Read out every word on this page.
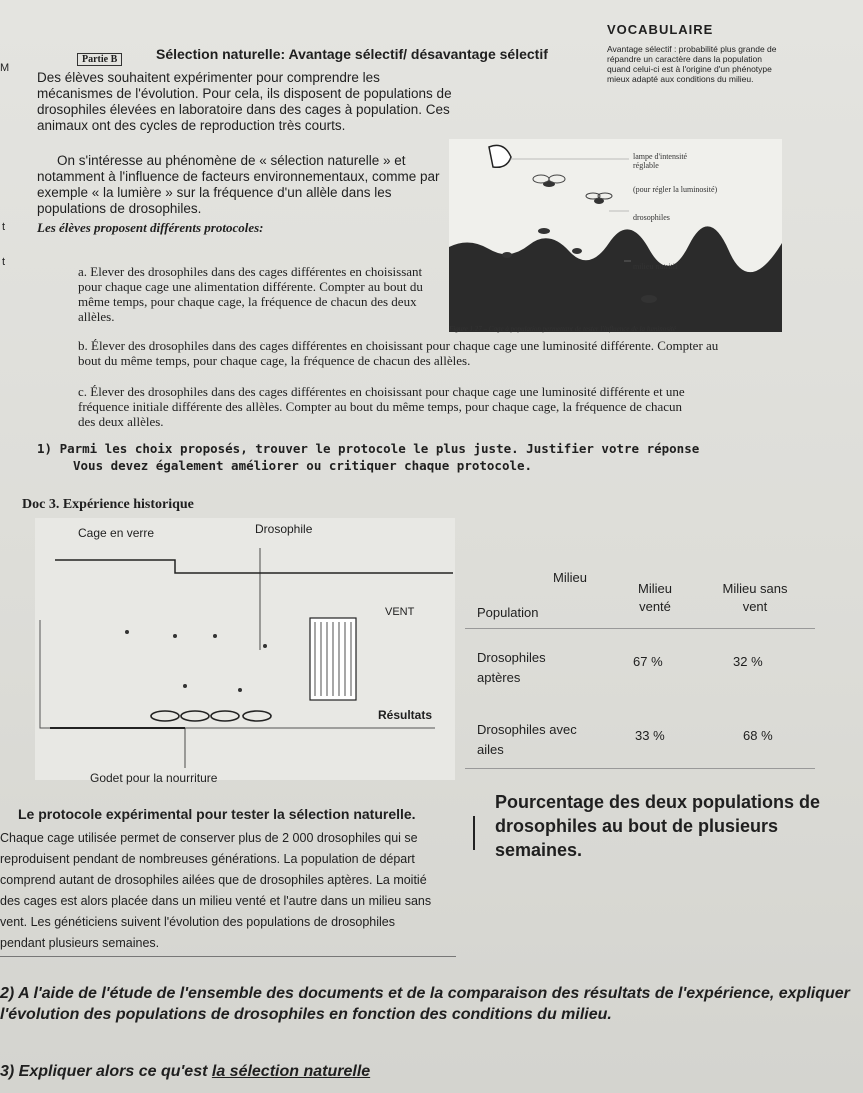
M
t
t
VOCABULAIRE
Avantage sélectif : probabilité plus grande de répandre un caractère dans la population quand celui-ci est à l'origine d'un phénotype mieux adapté aux conditions du milieu.
Partie B	Sélection naturelle: Avantage sélectif/ désavantage sélectif
Des élèves souhaitent expérimenter pour comprendre les mécanismes de l'évolution. Pour cela, ils disposent de populations de drosophiles élevées en laboratoire dans des cages à population. Ces animaux ont des cycles de reproduction très courts.
On s'intéresse au phénomène de « sélection naturelle » et notamment à l'influence de facteurs environnementaux, comme par exemple « la lumière » sur la fréquence d'un allèle dans les populations de drosophiles.
Les élèves proposent différents protocoles:
a. Elever des drosophiles dans des cages différentes en choisissant pour chaque cage une alimentation différente. Compter au bout du même temps, pour chaque cage, la fréquence de chacun des deux allèles.
lampe d'intensité réglable
(pour régler la luminosité)
drosophiles
milieu nutritif
Figure 1.27 – Cage à population permettant de tester l'influence de la luminosité
b. Élever des drosophiles dans des cages différentes en choisissant pour chaque cage une luminosité différente. Compter au bout du même temps, pour chaque cage, la fréquence de chacun des allèles.
c. Élever des drosophiles dans des cages différentes en choisissant pour chaque cage une luminosité différente et une fréquence initiale différente des allèles. Compter au bout du même temps, pour chaque cage, la fréquence de chacun des deux allèles.
1) Parmi les choix proposés, trouver le protocole le plus juste. Justifier votre réponse
Vous devez également améliorer ou critiquer chaque protocole.
Doc 3. Expérience historique
Cage en verre	Drosophile
VENT
Résultats
Godet pour la nourriture
Milieu
Population
Milieu venté
Milieu sans vent
Drosophiles aptères
67 %	32 %
Drosophiles avec ailes
33 %	68 %
Pourcentage des deux populations de drosophiles au bout de plusieurs semaines.
Le protocole expérimental pour tester la sélection naturelle.
Chaque cage utilisée permet de conserver plus de 2 000 drosophiles qui se reproduisent pendant de nombreuses générations. La population de départ comprend autant de drosophiles ailées que de drosophiles aptères. La moitié des cages est alors placée dans un milieu venté et l'autre dans un milieu sans vent. Les généticiens suivent l'évolution des populations de drosophiles pendant plusieurs semaines.
2) A l'aide de l'étude de l'ensemble des documents et de la comparaison des résultats de l'expérience, expliquer l'évolution des populations de drosophiles en fonction des conditions du milieu.
3) Expliquer alors ce qu'est la sélection naturelle
